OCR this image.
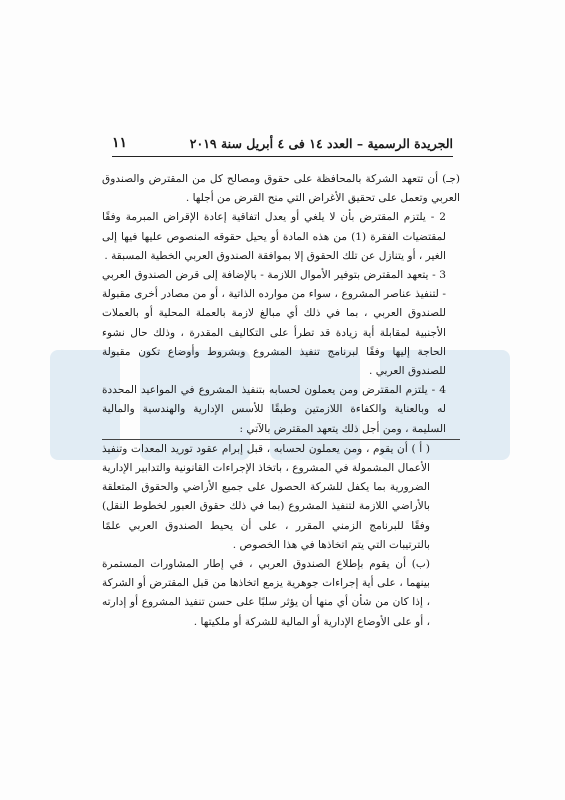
الجريدة الرسمية – العدد ١٤ فى ٤ أبريل سنة ٢٠١٩
١١

(جـ) أن تتعهد الشركة بالمحافظة على حقوق ومصالح كل من المقترض والصندوق العربي وتعمل على تحقيق الأغراض التي منح القرض من أجلها .

2 - يلتزم المقترض بأن لا يلغي أو يعدل اتفاقية إعادة الإقراض المبرمة وفقًا لمقتضيات الفقرة (1) من هذه المادة أو يحيل حقوقه المنصوص عليها فيها إلى الغير ، أو يتنازل عن تلك الحقوق إلا بموافقة الصندوق العربي الخطية المسبقة .

3 - يتعهد المقترض بتوفير الأموال اللازمة - بالإضافة إلى قرض الصندوق العربي - لتنفيذ عناصر المشروع ، سواء من موارده الذاتية ، أو من مصادر أخرى مقبولة للصندوق العربي ، بما في ذلك أي مبالغ لازمة بالعملة المحلية أو بالعملات الأجنبية لمقابلة أية زيادة قد تطرأ على التكاليف المقدرة ، وذلك حال نشوء الحاجة إليها وفقًا لبرنامج تنفيذ المشروع وبشروط وأوضاع تكون مقبولة للصندوق العربي .

4 - يلتزم المقترض ومن يعملون لحسابه بتنفيذ المشروع في المواعيد المحددة له وبالعناية والكفاءة اللازمتين وطبقًا للأسس الإدارية والهندسية والمالية السليمة ، ومن أجل ذلك يتعهد المقترض بالآتي :

( أ ) أن يقوم ، ومن يعملون لحسابه ، قبل إبرام عقود توريد المعدات وتنفيذ الأعمال المشمولة في المشروع ، باتخاذ الإجراءات القانونية والتدابير الإدارية الضرورية بما يكفل للشركة الحصول على جميع الأراضي والحقوق المتعلقة بالأراضي اللازمة لتنفيذ المشروع (بما في ذلك حقوق العبور لخطوط النقل) وفقًا للبرنامج الزمني المقرر ، على أن يحيط الصندوق العربي علمًا بالترتيبات التي يتم اتخاذها في هذا الخصوص .

(ب) أن يقوم بإطلاع الصندوق العربي ، في إطار المشاورات المستمرة بينهما ، على أية إجراءات جوهرية يزمع اتخاذها من قبل المقترض أو الشركة ، إذا كان من شأن أي منها أن يؤثر سلبًا على حسن تنفيذ المشروع أو إدارته ، أو على الأوضاع الإدارية أو المالية للشركة أو ملكيتها .
